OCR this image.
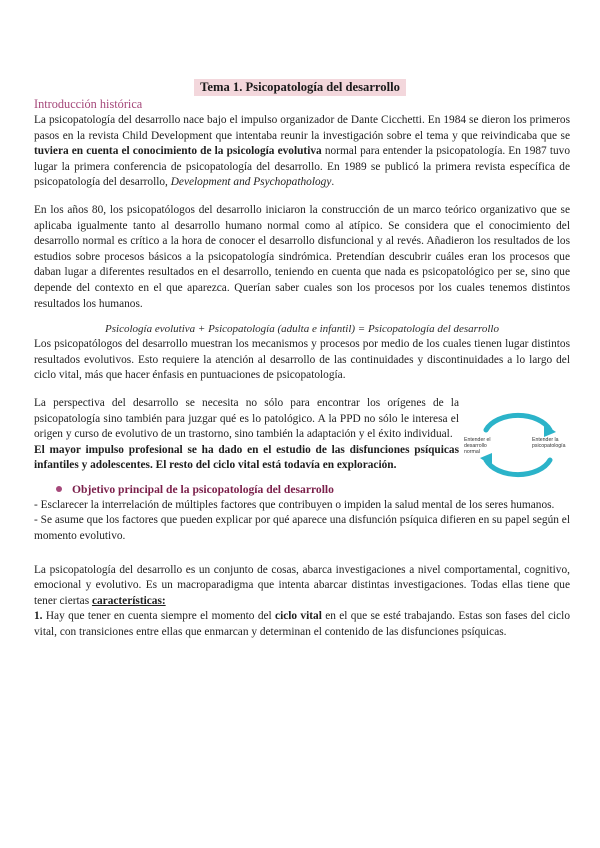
Tema 1. Psicopatología del desarrollo
Introducción histórica

La psicopatología del desarrollo nace bajo el impulso organizador de Dante Cicchetti. En 1984 se dieron los primeros pasos en la revista Child Development que intentaba reunir la investigación sobre el tema y que reivindicaba que se tuviera en cuenta el conocimiento de la psicología evolutiva normal para entender la psicopatología. En 1987 tuvo lugar la primera conferencia de psicopatología del desarrollo. En 1989 se publicó la primera revista específica de psicopatología del desarrollo, Development and Psychopathology.

En los años 80, los psicopatólogos del desarrollo iniciaron la construcción de un marco teórico organizativo que se aplicaba igualmente tanto al desarrollo humano normal como al atípico. Se considera que el conocimiento del desarrollo normal es crítico a la hora de conocer el desarrollo disfuncional y al revés. Añadieron los resultados de los estudios sobre procesos básicos a la psicopatología sindrómica. Pretendían descubrir cuáles eran los procesos que daban lugar a diferentes resultados en el desarrollo, teniendo en cuenta que nada es psicopatológico per se, sino que depende del contexto en el que aparezca. Querían saber cuales son los procesos por los cuales tenemos distintos resultados los humanos.

Psicología evolutiva + Psicopatología (adulta e infantil) = Psicopatología del desarrollo

Los psicopatólogos del desarrollo muestran los mecanismos y procesos por medio de los cuales tienen lugar distintos resultados evolutivos. Esto requiere la atención al desarrollo de las continuidades y discontinuidades a lo largo del ciclo vital, más que hacer énfasis en puntuaciones de psicopatología.

La perspectiva del desarrollo se necesita no sólo para encontrar los orígenes de la psicopatología sino también para juzgar qué es lo patológico. A la PPD no sólo le interesa el origen y curso de evolutivo de un trastorno, sino también la adaptación y el éxito individual.

El mayor impulso profesional se ha dado en el estudio de las disfunciones psíquicas infantiles y adolescentes. El resto del ciclo vital está todavía en exploración.

Entender el desarrollo normal
Entender la psicopatología
Objetivo principal de la psicopatología del desarrollo

- Esclarecer la interrelación de múltiples factores que contribuyen o impiden la salud mental de los seres humanos.

- Se asume que los factores que pueden explicar por qué aparece una disfunción psíquica difieren en su papel según el momento evolutivo.

La psicopatología del desarrollo es un conjunto de cosas, abarca investigaciones a nivel comportamental, cognitivo, emocional y evolutivo. Es un macroparadigma que intenta abarcar distintas investigaciones. Todas ellas tiene que tener ciertas características:

1. Hay que tener en cuenta siempre el momento del ciclo vital en el que se esté trabajando. Estas son fases del ciclo vital, con transiciones entre ellas que enmarcan y determinan el contenido de las disfunciones psíquicas.
